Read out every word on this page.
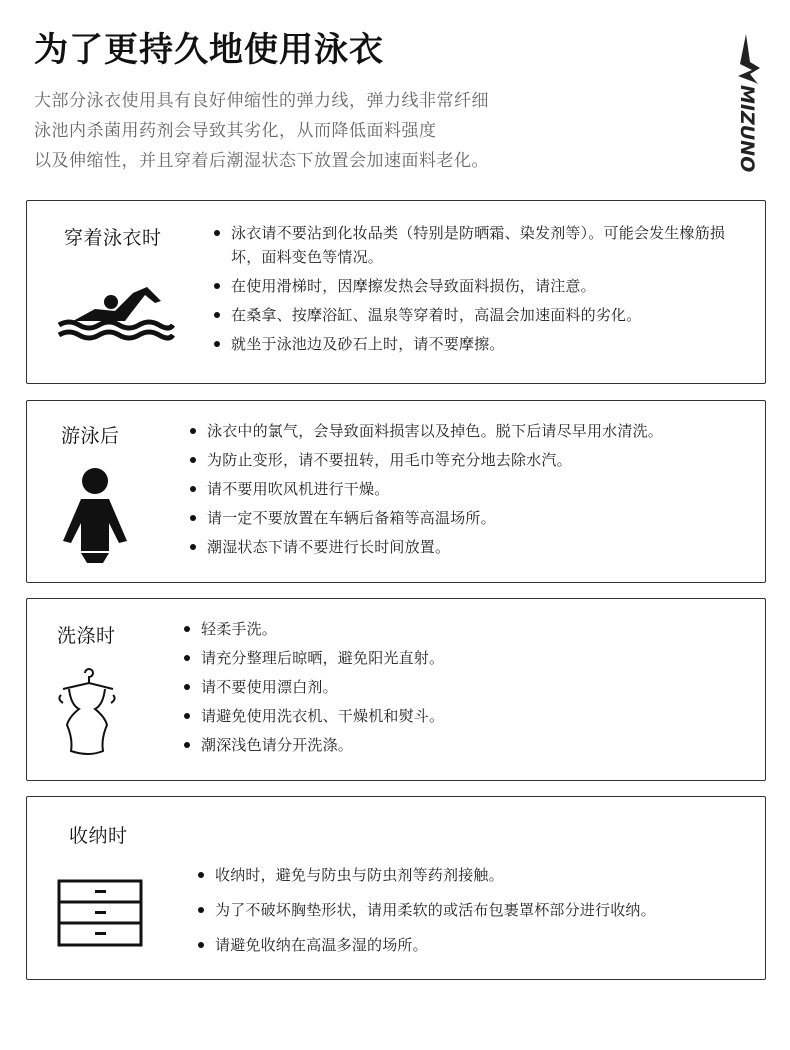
为了更持久地使用泳衣
大部分泳衣使用具有良好伸缩性的弹力线，弹力线非常纤细
泳池内杀菌用药剂会导致其劣化，从而降低面料强度
以及伸缩性，并且穿着后潮湿状态下放置会加速面料老化。	MIZUNO
穿着泳衣时	泳衣请不要沾到化妆品类（特别是防晒霜、染发剂等）。可能会发生橡筋损坏，面料变色等情况。
在使用滑梯时，因摩擦发热会导致面料损伤，请注意。
在桑拿、按摩浴缸、温泉等穿着时，高温会加速面料的劣化。
就坐于泳池边及砂石上时，请不要摩擦。
游泳后	泳衣中的氯气，会导致面料损害以及掉色。脱下后请尽早用水清洗。
为防止变形，请不要扭转，用毛巾等充分地去除水汽。
请不要用吹风机进行干燥。
请一定不要放置在车辆后备箱等高温场所。
潮湿状态下请不要进行长时间放置。
洗涤时	轻柔手洗。
请充分整理后晾晒，避免阳光直射。
请不要使用漂白剂。
请避免使用洗衣机、干燥机和熨斗。
潮深浅色请分开洗涤。
收纳时
收纳时，避免与防虫与防虫剂等药剂接触。
为了不破坏胸垫形状，请用柔软的或活布包裹罩杯部分进行收纳。
请避免收纳在高温多湿的场所。
